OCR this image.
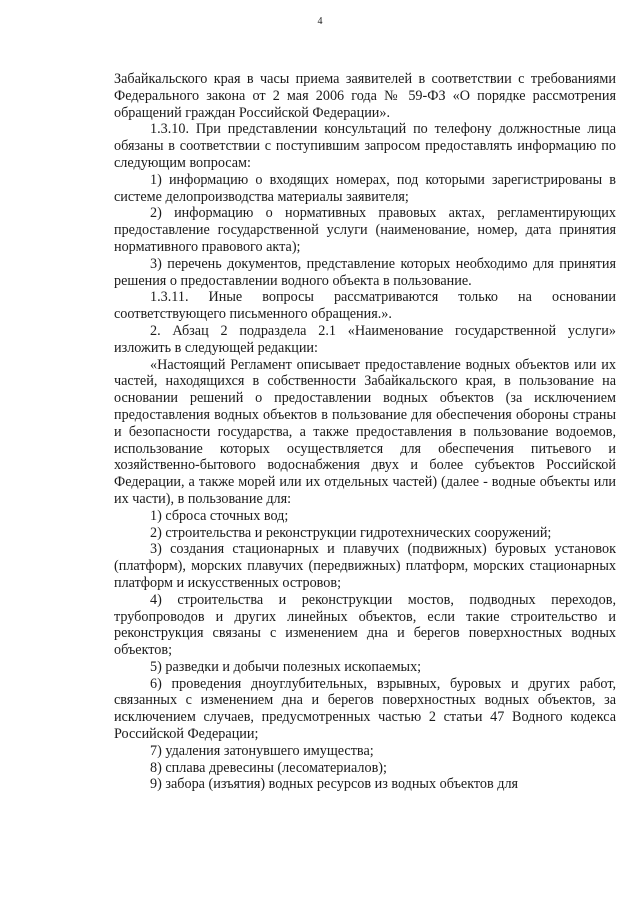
4

Забайкальского края в часы приема заявителей в соответствии с требованиями Федерального закона от 2 мая 2006 года № 59-ФЗ «О порядке рассмотрения обращений граждан Российской Федерации».

1.3.10. При представлении консультаций по телефону должностные лица обязаны в соответствии с поступившим запросом предоставлять информацию по следующим вопросам:

1) информацию о входящих номерах, под которыми зарегистрированы в системе делопроизводства материалы заявителя;

2) информацию о нормативных правовых актах, регламентирующих предоставление государственной услуги (наименование, номер, дата принятия нормативного правового акта);

3) перечень документов, представление которых необходимо для принятия решения о предоставлении водного объекта в пользование.

1.3.11. Иные вопросы рассматриваются только на основании соответствующего письменного обращения.».

2. Абзац 2 подраздела 2.1 «Наименование государственной услуги» изложить в следующей редакции:

«Настоящий Регламент описывает предоставление водных объектов или их частей, находящихся в собственности Забайкальского края, в пользование на основании решений о предоставлении водных объектов (за исключением предоставления водных объектов в пользование для обеспечения обороны страны и безопасности государства, а также предоставления в пользование водоемов, использование которых осуществляется для обеспечения питьевого и хозяйственно-бытового водоснабжения двух и более субъектов Российской Федерации, а также морей или их отдельных частей) (далее - водные объекты или их части), в пользование для:

1) сброса сточных вод;

2) строительства и реконструкции гидротехнических сооружений;

3) создания стационарных и плавучих (подвижных) буровых установок (платформ), морских плавучих (передвижных) платформ, морских стационарных платформ и искусственных островов;

4) строительства и реконструкции мостов, подводных переходов, трубопроводов и других линейных объектов, если такие строительство и реконструкция связаны с изменением дна и берегов поверхностных водных объектов;

5) разведки и добычи полезных ископаемых;

6) проведения дноуглубительных, взрывных, буровых и других работ, связанных с изменением дна и берегов поверхностных водных объектов, за исключением случаев, предусмотренных частью 2 статьи 47 Водного кодекса Российской Федерации;

7) удаления затонувшего имущества;

8) сплава древесины (лесоматериалов);

9) забора (изъятия) водных ресурсов из водных объектов для
